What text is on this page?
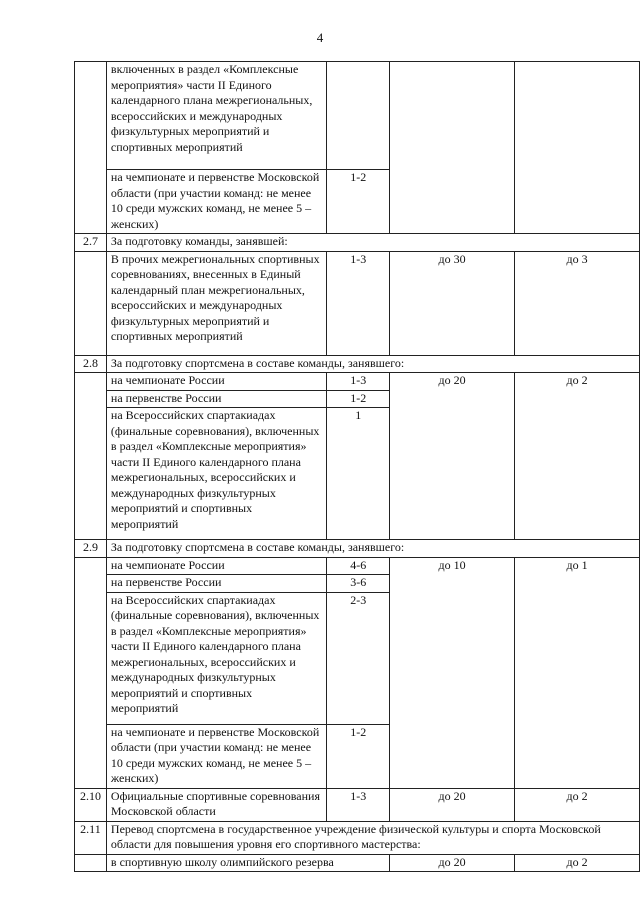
4
	включенных в раздел «Комплексные мероприятия» части II Единого календарного плана межрегиональных, всероссийских и международных физкультурных мероприятий и спортивных мероприятий			
	на чемпионате и первенстве Московской области (при участии команд: не менее 10 среди мужских команд, не менее 5 – женских)	1-2		
2.7	За подготовку команды, занявшей:			
	В прочих межрегиональных спортивных соревнованиях, внесенных в Единый календарный план межрегиональных, всероссийских и международных физкультурных мероприятий и спортивных мероприятий	1-3	до 30	до 3
2.8	За подготовку спортсмена в составе команды, занявшего:			
	на чемпионате России	1-3	до 20	до 2
	на первенстве России	1-2		
	на Всероссийских спартакиадах (финальные соревнования), включенных в раздел «Комплексные мероприятия» части II Единого календарного плана межрегиональных, всероссийских и международных физкультурных мероприятий и спортивных мероприятий	1		
2.9	За подготовку спортсмена в составе команды, занявшего:			
	на чемпионате России	4-6	до 10	до 1
	на первенстве России	3-6		
	на Всероссийских спартакиадах (финальные соревнования), включенных в раздел «Комплексные мероприятия» части II Единого календарного плана межрегиональных, всероссийских и международных физкультурных мероприятий и спортивных мероприятий	2-3		
	на чемпионате и первенстве Московской области (при участии команд: не менее 10 среди мужских команд, не менее 5 – женских)	1-2		
2.10	Официальные спортивные соревнования Московской области	1-3	до 20	до 2
2.11	Перевод спортсмена в государственное учреждение физической культуры и спорта Московской области для повышения уровня его спортивного мастерства:			
	в спортивную школу олимпийского резерва		до 20	до 2
